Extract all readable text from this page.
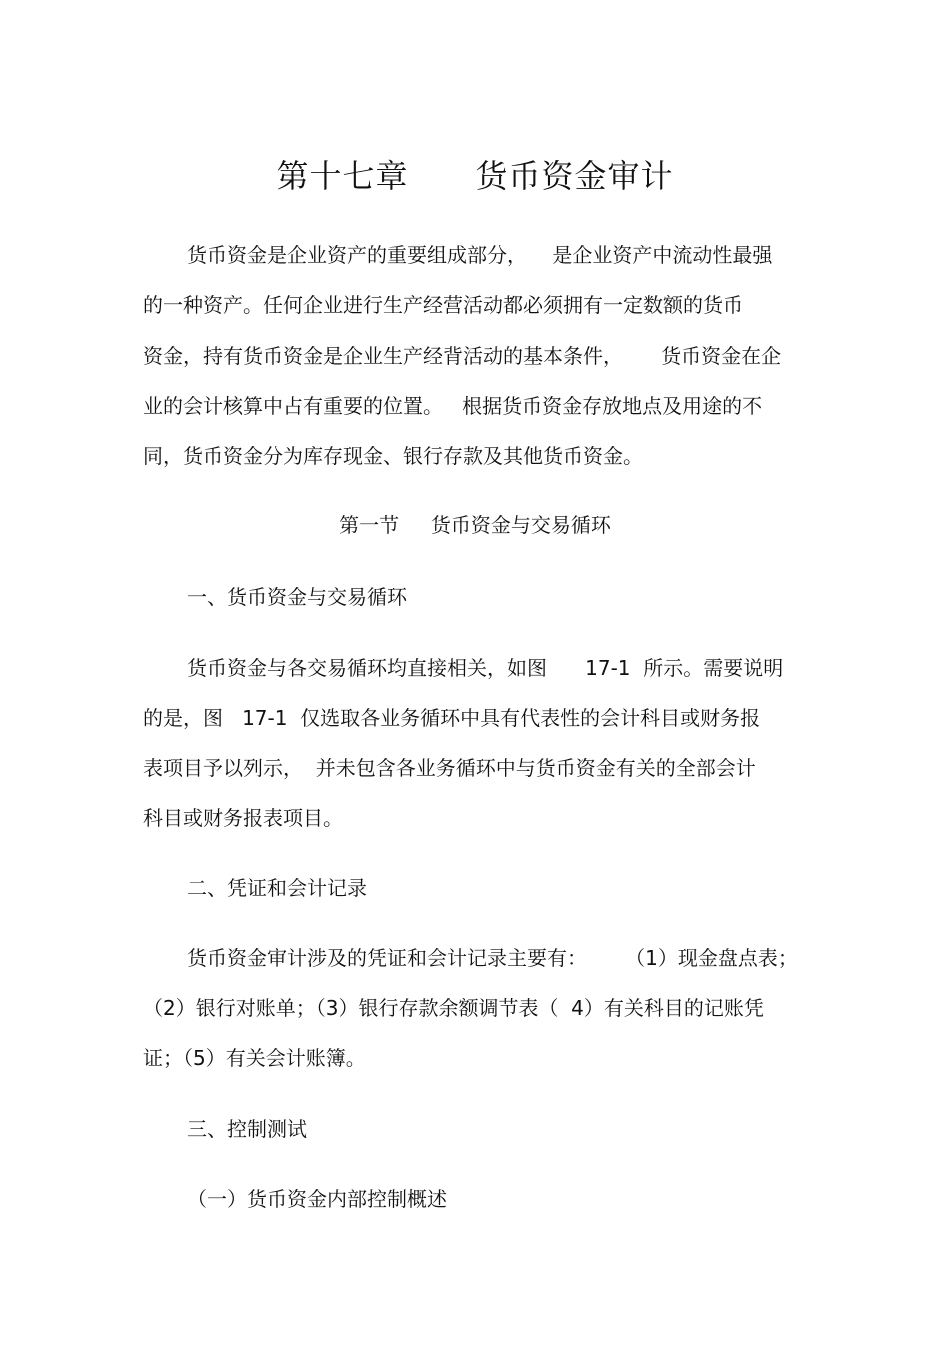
第十七章      货币资金审计
货币资金是企业资产的重要组成部分，    是企业资产中流动性最强
的一种资产。任何企业进行生产经营活动都必须拥有一定数额的货币
资金，持有货币资金是企业生产经背活动的基本条件，      货币资金在企
业的会计核算中占有重要的位置。   根据货币资金存放地点及用途的不
同，货币资金分为库存现金、银行存款及其他货币资金。
第一节     货币资金与交易循环
一、货币资金与交易循环
货币资金与各交易循环均直接相关，如图      17-1  所示。需要说明
的是，图   17-1  仅选取各业务循环中具有代表性的会计科目或财务报
表项目予以列示，  并未包含各业务循环中与货币资金有关的全部会计
科目或财务报表项目。
二、凭证和会计记录
货币资金审计涉及的凭证和会计记录主要有：      （1）现金盘点表；
（2）银行对账单；（3）银行存款余额调节表（  4）有关科目的记账凭
证；（5）有关会计账簿。
三、控制测试
（一）货币资金内部控制概述
